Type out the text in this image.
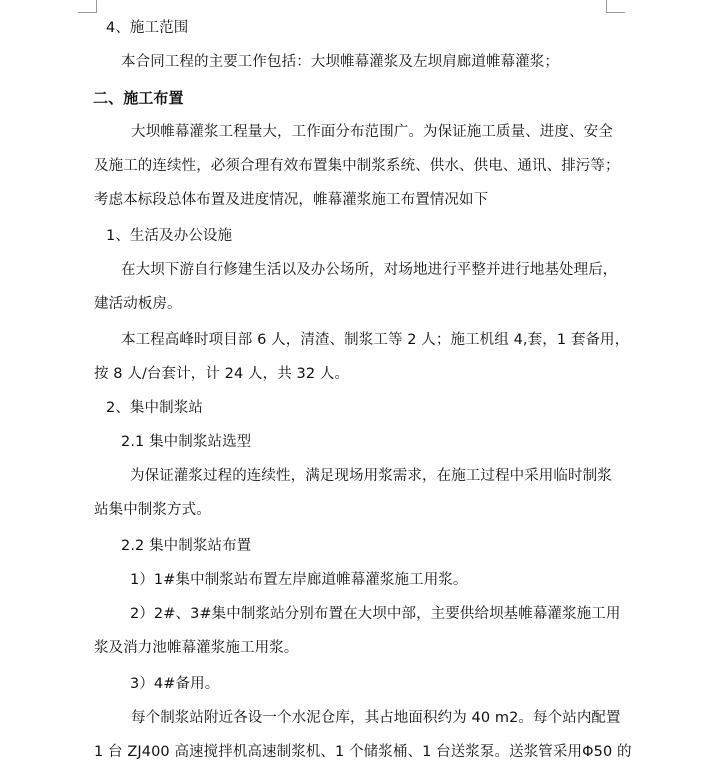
4、施工范围
本合同工程的主要工作包括：大坝帷幕灌浆及左坝肩廊道帷幕灌浆；
二、施工布置
大坝帷幕灌浆工程量大，工作面分布范围广。为保证施工质量、进度、安全
及施工的连续性，必须合理有效布置集中制浆系统、供水、供电、通讯、排污等；
考虑本标段总体布置及进度情况，帷幕灌浆施工布置情况如下
1、生活及办公设施
在大坝下游自行修建生活以及办公场所，对场地进行平整并进行地基处理后，
建活动板房。
本工程高峰时项目部 6 人，清渣、制浆工等 2 人；施工机组 4,套，1 套备用，
按 8 人/台套计，计 24 人，共 32 人。
2、集中制浆站
2.1 集中制浆站选型
为保证灌浆过程的连续性，满足现场用浆需求，在施工过程中采用临时制浆
站集中制浆方式。
2.2 集中制浆站布置
1）1#集中制浆站布置左岸廊道帷幕灌浆施工用浆。
2）2#、3#集中制浆站分别布置在大坝中部，主要供给坝基帷幕灌浆施工用
浆及消力池帷幕灌浆施工用浆。
3）4#备用。
每个制浆站附近各设一个水泥仓库，其占地面积约为 40 m2。每个站内配置
1 台 ZJ400 高速搅拌机高速制浆机、1 个储浆桶、1 台送浆泵。送浆管采用Φ50 的
